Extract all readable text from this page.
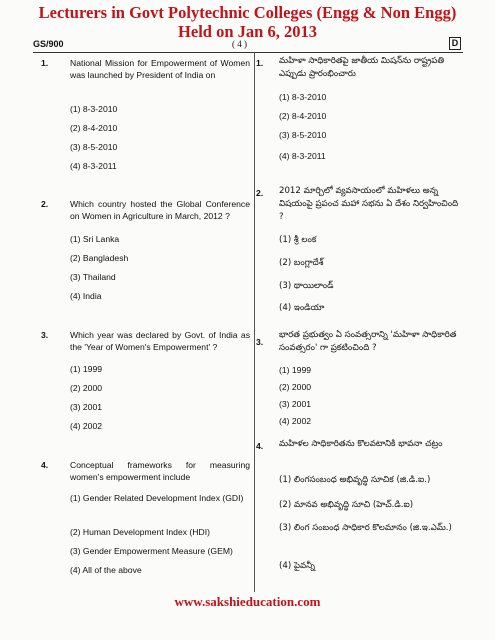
Lecturers in Govt Polytechnic Colleges (Engg & Non Engg)
Held on Jan 6, 2013
GS/900	( 4 )	D
1.	National Mission for Empowerment of Women was launched by President of India on
(1) 8-3-2010
(2) 8-4-2010
(3) 8-5-2010
(4) 8-3-2011
2.	Which country hosted the Global Conference on Women in Agriculture in March, 2012 ?
(1) Sri Lanka
(2) Bangladesh
(3) Thailand
(4) India
3.	Which year was declared by Govt. of India as the 'Year of Women's Empowerment' ?
(1) 1999
(2) 2000
(3) 2001
(4) 2002
4.	Conceptual frameworks for measuring women's empowerment include
(1) Gender Related Development Index (GDI)
(2) Human Development Index (HDI)
(3) Gender Empowerment Measure (GEM)
(4) All of the above
1. మహిళా సాధికారితపై జాతీయ మిషన్‌ను రాష్ట్రపతి ఎప్పుడు ప్రారంభించారు
(1) 8-3-2010
(2) 8-4-2010
(3) 8-5-2010
(4) 8-3-2011
2. 2012 మార్చిలో వ్యవసాయంలో మహిళలు అన్న విషయంపై ప్రపంచ మహా సభను ఏ దేశం నిర్వహించింది ?
(1) శ్రీ లంక
(2) బంగ్లాదేశ్
(3) థాయిలాండ్
(4) ఇండియా
3.
భారత ప్రభుత్వం ఏ సంవత్సరాన్ని 'మహిళా సాధికారిత సంవత్సరం' గా ప్రకటించింది ?
(1) 1999
(2) 2000
(3) 2001
(4) 2002
4. మహిళల సాధికారితను కొలవటానికి భావనా చట్రం
(1) లింగసంబంధ అభివృద్ధి సూచిక (జి.డి.ఐ.)
(2) మానవ అభివృద్ధి సూచి (హెచ్.డి.ఐ)
(3) లింగ సంబంధ సాధికార కొలమానం (జి.ఇ.ఎమ్.)
(4) పైవన్నీ
www.sakshieducation.com
